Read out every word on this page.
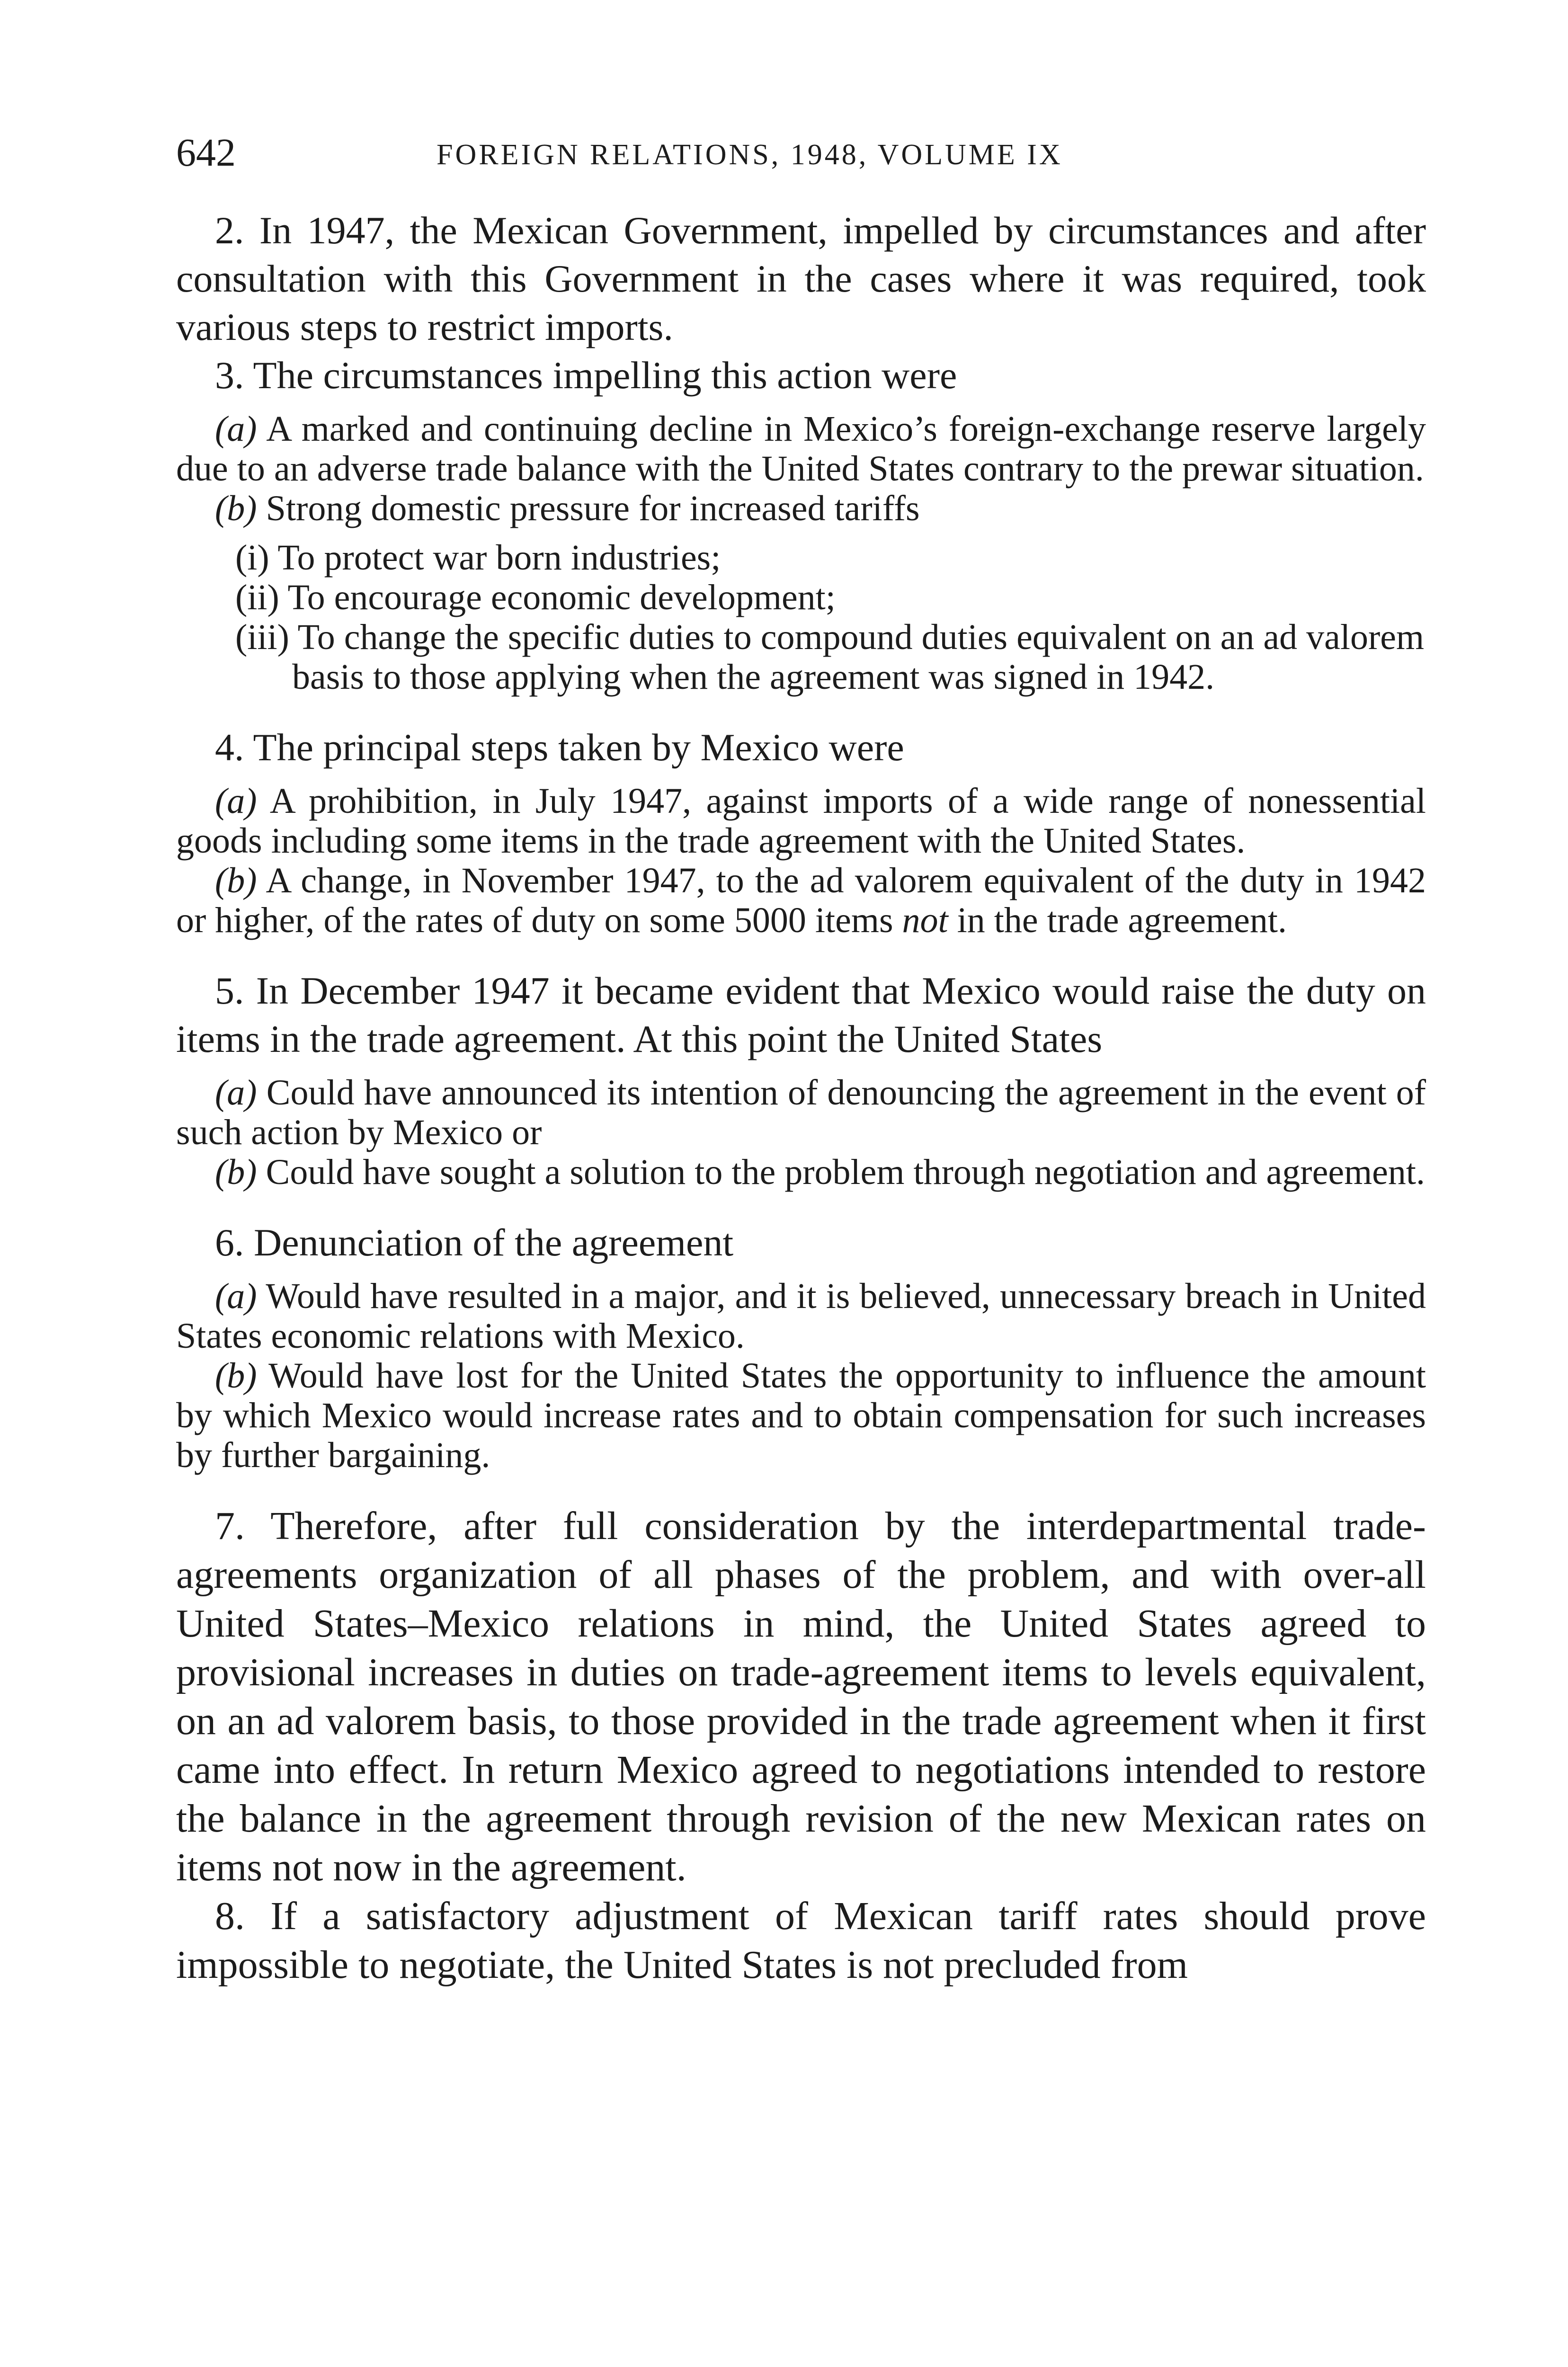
642	FOREIGN RELATIONS, 1948, VOLUME IX

2. In 1947, the Mexican Government, impelled by circumstances and after consultation with this Government in the cases where it was required, took various steps to restrict imports.

3. The circumstances impelling this action were

(a) A marked and continuing decline in Mexico’s foreign-exchange reserve largely due to an adverse trade balance with the United States contrary to the prewar situation.

(b) Strong domestic pressure for increased tariffs

(i) To protect war born industries;

(ii) To encourage economic development;

(iii) To change the specific duties to compound duties equivalent on an ad valorem basis to those applying when the agreement was signed in 1942.

4. The principal steps taken by Mexico were

(a) A prohibition, in July 1947, against imports of a wide range of nonessential goods including some items in the trade agreement with the United States.

(b) A change, in November 1947, to the ad valorem equivalent of the duty in 1942 or higher, of the rates of duty on some 5000 items not in the trade agreement.

5. In December 1947 it became evident that Mexico would raise the duty on items in the trade agreement. At this point the United States

(a) Could have announced its intention of denouncing the agreement in the event of such action by Mexico or

(b) Could have sought a solution to the problem through negotiation and agreement.

6. Denunciation of the agreement

(a) Would have resulted in a major, and it is believed, unnecessary breach in United States economic relations with Mexico.

(b) Would have lost for the United States the opportunity to influence the amount by which Mexico would increase rates and to obtain compensation for such increases by further bargaining.

7. Therefore, after full consideration by the interdepartmental trade-agreements organization of all phases of the problem, and with over-all United States–Mexico relations in mind, the United States agreed to provisional increases in duties on trade-agreement items to levels equivalent, on an ad valorem basis, to those provided in the trade agreement when it first came into effect. In return Mexico agreed to negotiations intended to restore the balance in the agreement through revision of the new Mexican rates on items not now in the agreement.

8. If a satisfactory adjustment of Mexican tariff rates should prove impossible to negotiate, the United States is not precluded from
